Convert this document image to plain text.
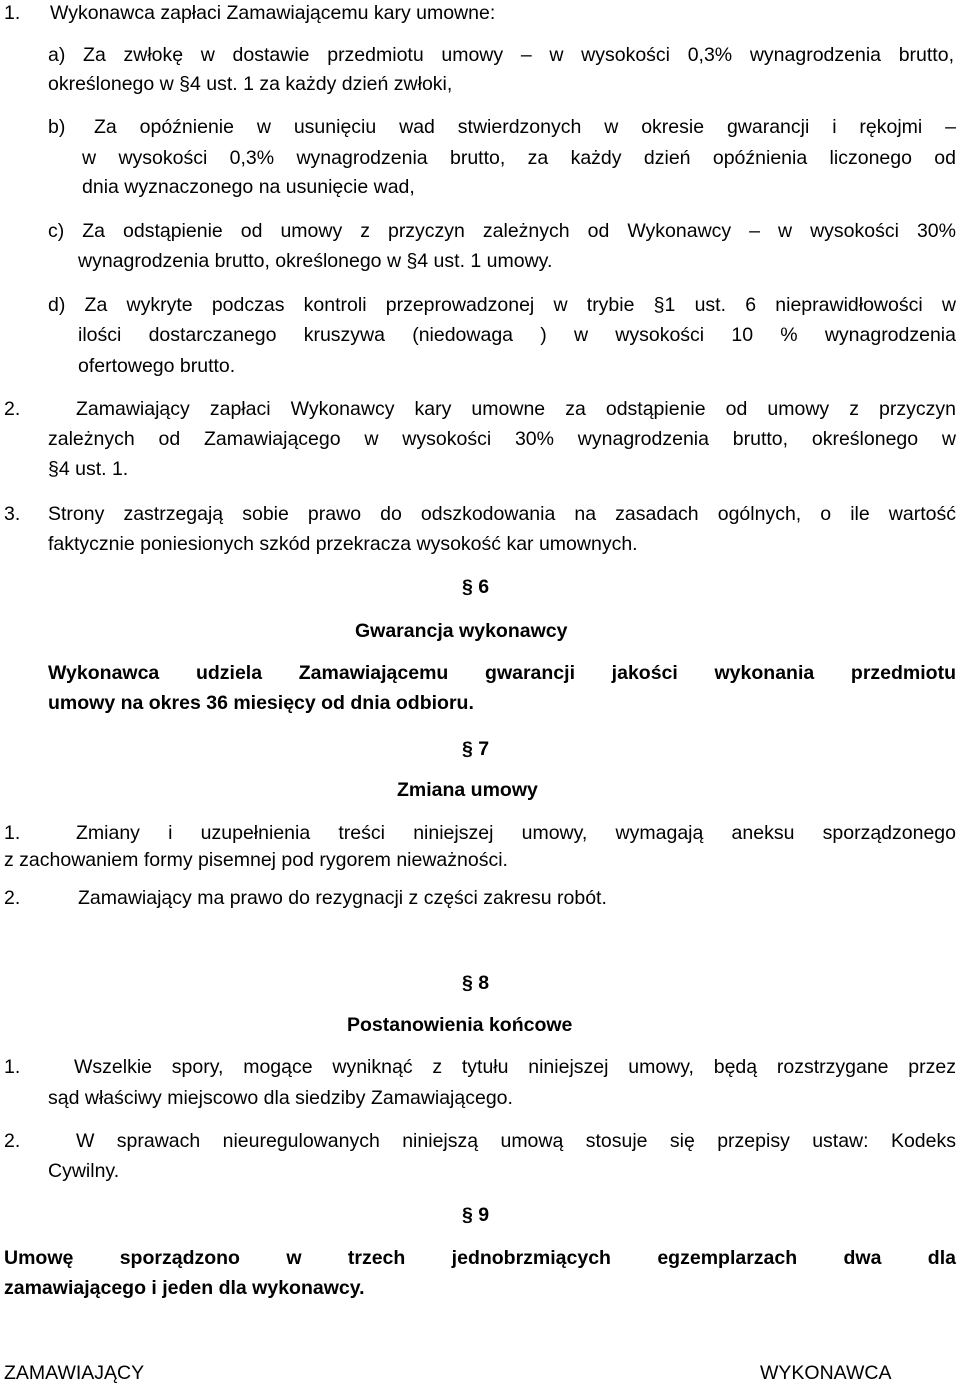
1. Wykonawca zapłaci Zamawiającemu kary umowne:
a) Za zwłokę w dostawie przedmiotu umowy – w wysokości 0,3% wynagrodzenia brutto,
określonego w §4 ust. 1 za każdy dzień zwłoki,
b) Za opóźnienie w usunięciu wad stwierdzonych w okresie gwarancji i rękojmi –
w wysokości 0,3% wynagrodzenia brutto, za każdy dzień opóźnienia liczonego od
dnia wyznaczonego na usunięcie wad,
c) Za odstąpienie od umowy z przyczyn zależnych od Wykonawcy – w wysokości 30%
wynagrodzenia brutto, określonego w §4 ust. 1 umowy.
d) Za wykryte podczas kontroli przeprowadzonej w trybie §1 ust. 6 nieprawidłowości w
ilości dostarczanego kruszywa (niedowaga ) w wysokości 10 % wynagrodzenia
ofertowego brutto.
2.	Zamawiający zapłaci Wykonawcy kary umowne za odstąpienie od umowy z przyczyn
zależnych od Zamawiającego w wysokości 30% wynagrodzenia brutto, określonego w
§4 ust. 1.
3. Strony zastrzegają sobie prawo do odszkodowania na zasadach ogólnych, o ile wartość
faktycznie poniesionych szkód przekracza wysokość kar umownych.
§ 6
Gwarancja wykonawcy
Wykonawca udziela Zamawiającemu gwarancji jakości wykonania przedmiotu
umowy na okres 36 miesięcy od dnia odbioru.
§ 7
Zmiana umowy
1.	Zmiany i uzupełnienia treści niniejszej umowy, wymagają aneksu sporządzonego
z zachowaniem formy pisemnej pod rygorem nieważności.
2.	Zamawiający ma prawo do rezygnacji z części zakresu robót.
§ 8
Postanowienia końcowe
1.	Wszelkie spory, mogące wyniknąć z tytułu niniejszej umowy, będą rozstrzygane przez
sąd właściwy miejscowo dla siedziby Zamawiającego.
2.	W sprawach nieuregulowanych niniejszą umową stosuje się przepisy ustaw: Kodeks
Cywilny.
§ 9
Umowę sporządzono w trzech jednobrzmiących egzemplarzach dwa dla
zamawiającego i jeden dla wykonawcy.
ZAMAWIAJĄCY	WYKONAWCA
